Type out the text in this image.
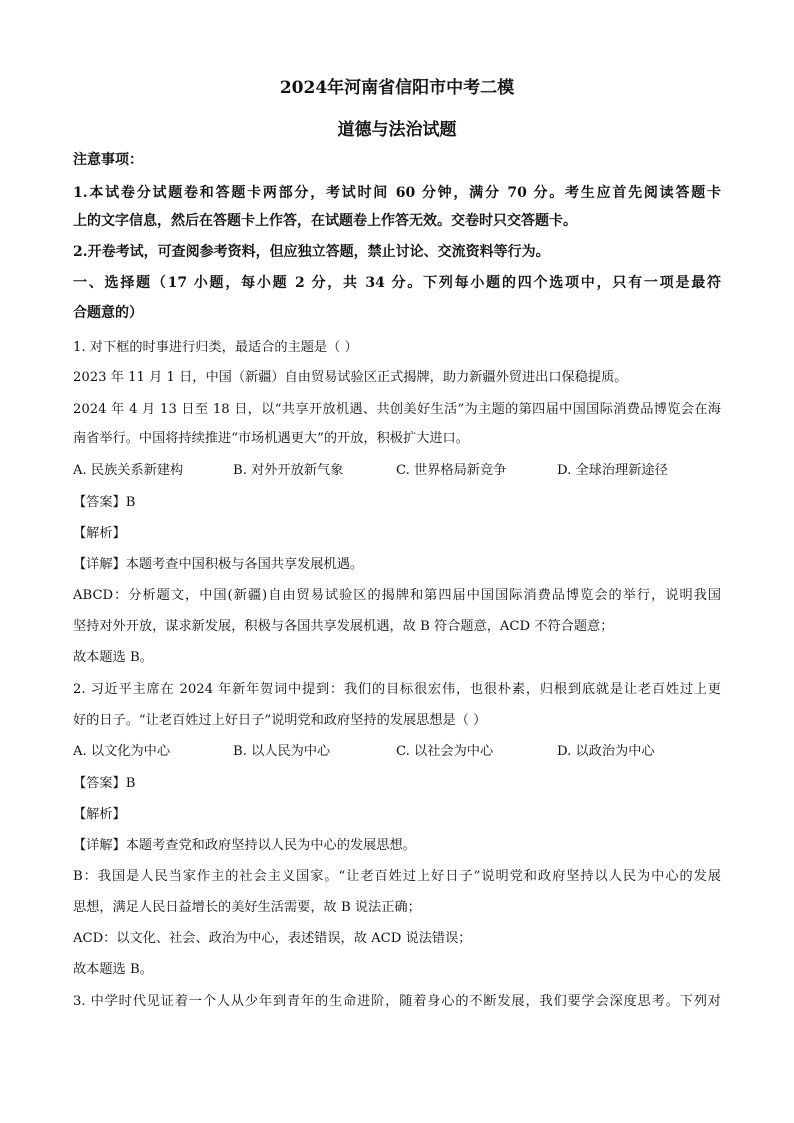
2024年河南省信阳市中考二模
道德与法治试题
注意事项：
1.本试卷分试题卷和答题卡两部分，考试时间 60 分钟，满分 70 分。考生应首先阅读答题卡
上的文字信息，然后在答题卡上作答，在试题卷上作答无效。交卷时只交答题卡。
2.开卷考试，可查阅参考资料，但应独立答题，禁止讨论、交流资料等行为。
一、选择题（17 小题，每小题 2 分，共 34 分。下列每小题的四个选项中，只有一项是最符
合题意的）
1. 对下框的时事进行归类，最适合的主题是（ ）
2023 年 11 月 1 日，中国（新疆）自由贸易试验区正式揭牌，助力新疆外贸进出口保稳提质。
2024 年 4 月 13 日至 18 日，以“共享开放机遇、共创美好生活”为主题的第四届中国国际消费品博览会在海
南省举行。中国将持续推进“市场机遇更大”的开放，积极扩大进口。
A. 民族关系新建构	B. 对外开放新气象	C. 世界格局新竞争	D. 全球治理新途径
【答案】B
【解析】
【详解】本题考查中国积极与各国共享发展机遇。
ABCD：分析题文，中国(新疆)自由贸易试验区的揭牌和第四届中国国际消费品博览会的举行，说明我国
坚持对外开放，谋求新发展，积极与各国共享发展机遇，故 B 符合题意，ACD 不符合题意；
故本题选 B。
2. 习近平主席在 2024 年新年贺词中提到：我们的目标很宏伟，也很朴素，归根到底就是让老百姓过上更
好的日子。“让老百姓过上好日子”说明党和政府坚持的发展思想是（ ）
A. 以文化为中心	B. 以人民为中心	C. 以社会为中心	D. 以政治为中心
【答案】B
【解析】
【详解】本题考查党和政府坚持以人民为中心的发展思想。
B：我国是人民当家作主的社会主义国家。“让老百姓过上好日子”说明党和政府坚持以人民为中心的发展
思想，满足人民日益增长的美好生活需要，故 B 说法正确；
ACD：以文化、社会、政治为中心，表述错误，故 ACD 说法错误；
故本题选 B。
3. 中学时代见证着一个人从少年到青年的生命进阶，随着身心的不断发展，我们要学会深度思考。下列对
